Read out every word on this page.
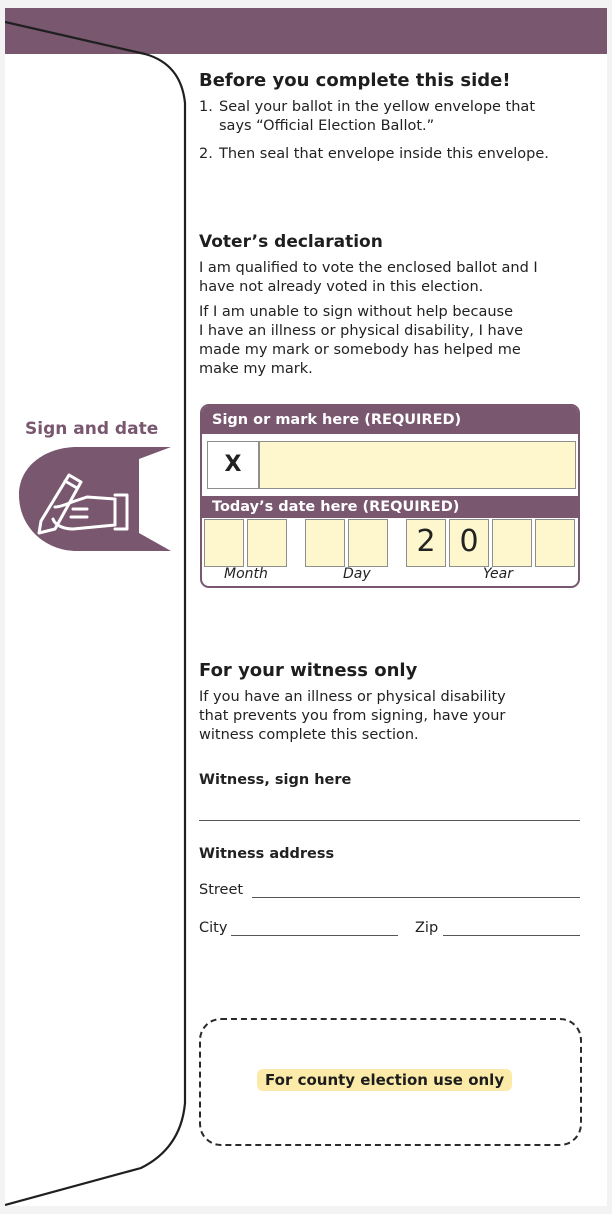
Sign and date
Before you complete this side!
1. Seal your ballot in the yellow envelope that
says “Official Election Ballot.”
2. Then seal that envelope inside this envelope.
Voter’s declaration
I am qualified to vote the enclosed ballot and I
have not already voted in this election.
If I am unable to sign without help because
I have an illness or physical disability, I have
made my mark or somebody has helped me
make my mark.
Sign or mark here (REQUIRED)
X
Today’s date here (REQUIRED)
2 0
Month	Day	Year
For your witness only
If you have an illness or physical disability
that prevents you from signing, have your
witness complete this section.
Witness, sign here
Witness address
Street
City	Zip
For county election use only
